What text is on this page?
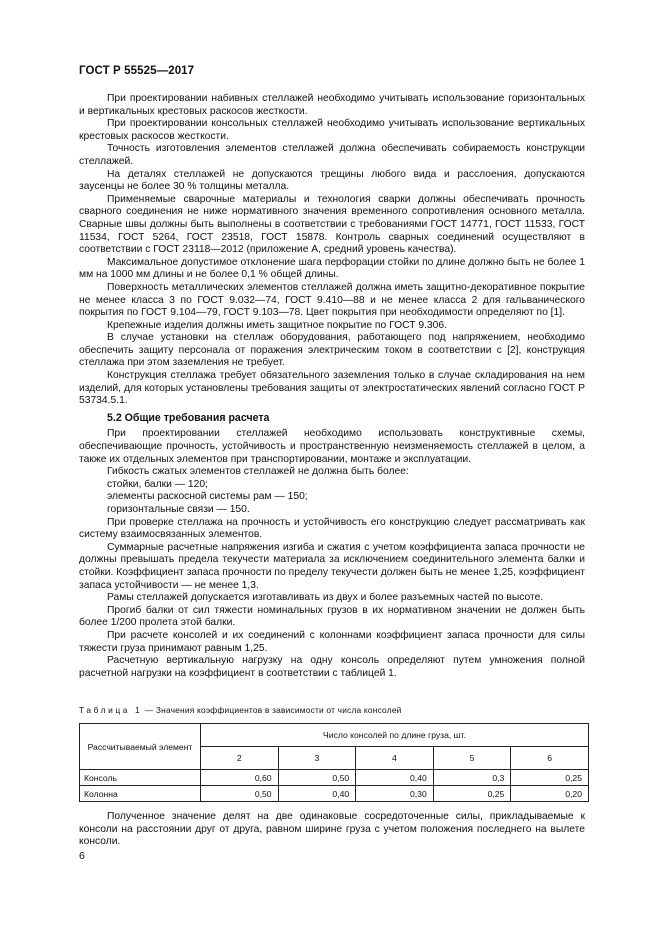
ГОСТ Р 55525—2017

При проектировании набивных стеллажей необходимо учитывать использование горизонтальных и вертикальных крестовых раскосов жесткости.

При проектировании консольных стеллажей необходимо учитывать использование вертикальных крестовых раскосов жесткости.

Точность изготовления элементов стеллажей должна обеспечивать собираемость конструкции стеллажей.

На деталях стеллажей не допускаются трещины любого вида и расслоения, допускаются заусенцы не более 30 % толщины металла.

Применяемые сварочные материалы и технология сварки должны обеспечивать прочность сварного соединения не ниже нормативного значения временного сопротивления основного металла. Сварные швы должны быть выполнены в соответствии с требованиями ГОСТ 14771, ГОСТ 11533, ГОСТ 11534, ГОСТ 5264, ГОСТ 23518, ГОСТ 15878. Контроль сварных соединений осуществляют в соответствии с ГОСТ 23118—2012 (приложение А, средний уровень качества).

Максимальное допустимое отклонение шага перфорации стойки по длине должно быть не более 1 мм на 1000 мм длины и не более 0,1 % общей длины.

Поверхность металлических элементов стеллажей должна иметь защитно-декоративное покрытие не менее класса 3 по ГОСТ 9.032—74, ГОСТ 9.410—88 и не менее класса 2 для гальванического покрытия по ГОСТ 9.104—79, ГОСТ 9.103—78. Цвет покрытия при необходимости определяют по [1].

Крепежные изделия должны иметь защитное покрытие по ГОСТ 9.306.

В случае установки на стеллаж оборудования, работающего под напряжением, необходимо обеспечить защиту персонала от поражения электрическим током в соответствии с [2], конструкция стеллажа при этом заземления не требует.

Конструкция стеллажа требует обязательного заземления только в случае складирования на нем изделий, для которых установлены требования защиты от электростатических явлений согласно ГОСТ Р 53734.5.1.

5.2 Общие требования расчета

При проектировании стеллажей необходимо использовать конструктивные схемы, обеспечивающие прочность, устойчивость и пространственную неизменяемость стеллажей в целом, а также их отдельных элементов при транспортировании, монтаже и эксплуатации.

Гибкость сжатых элементов стеллажей не должна быть более:

стойки, балки — 120;

элементы раскосной системы рам — 150;

горизонтальные связи — 150.

При проверке стеллажа на прочность и устойчивость его конструкцию следует рассматривать как систему взаимосвязанных элементов.

Суммарные расчетные напряжения изгиба и сжатия с учетом коэффициента запаса прочности не должны превышать предела текучести материала за исключением соединительного элемента балки и стойки. Коэффициент запаса прочности по пределу текучести должен быть не менее 1,25, коэффициент запаса устойчивости — не менее 1,3.

Рамы стеллажей допускается изготавливать из двух и более разъемных частей по высоте.

Прогиб балки от сил тяжести номинальных грузов в их нормативном значении не должен быть более 1/200 пролета этой балки.

При расчете консолей и их соединений с колоннами коэффициент запаса прочности для силы тяжести груза принимают равным 1,25.

Расчетную вертикальную нагрузку на одну консоль определяют путем умножения полной расчетной нагрузки на коэффициент в соответствии с таблицей 1.

Таблица 1 — Значения коэффициентов в зависимости от числа консолей
Рассчитываемый элемент	Число консолей по длине груза, шт.				
	2	3	4	5	6
Консоль	0,60	0,50	0,40	0,3	0,25
Колонна	0,50	0,40	0,30	0,25	0,20

Полученное значение делят на две одинаковые сосредоточенные силы, прикладываемые к консоли на расстоянии друг от друга, равном ширине груза с учетом положения последнего на вылете консоли.

6
